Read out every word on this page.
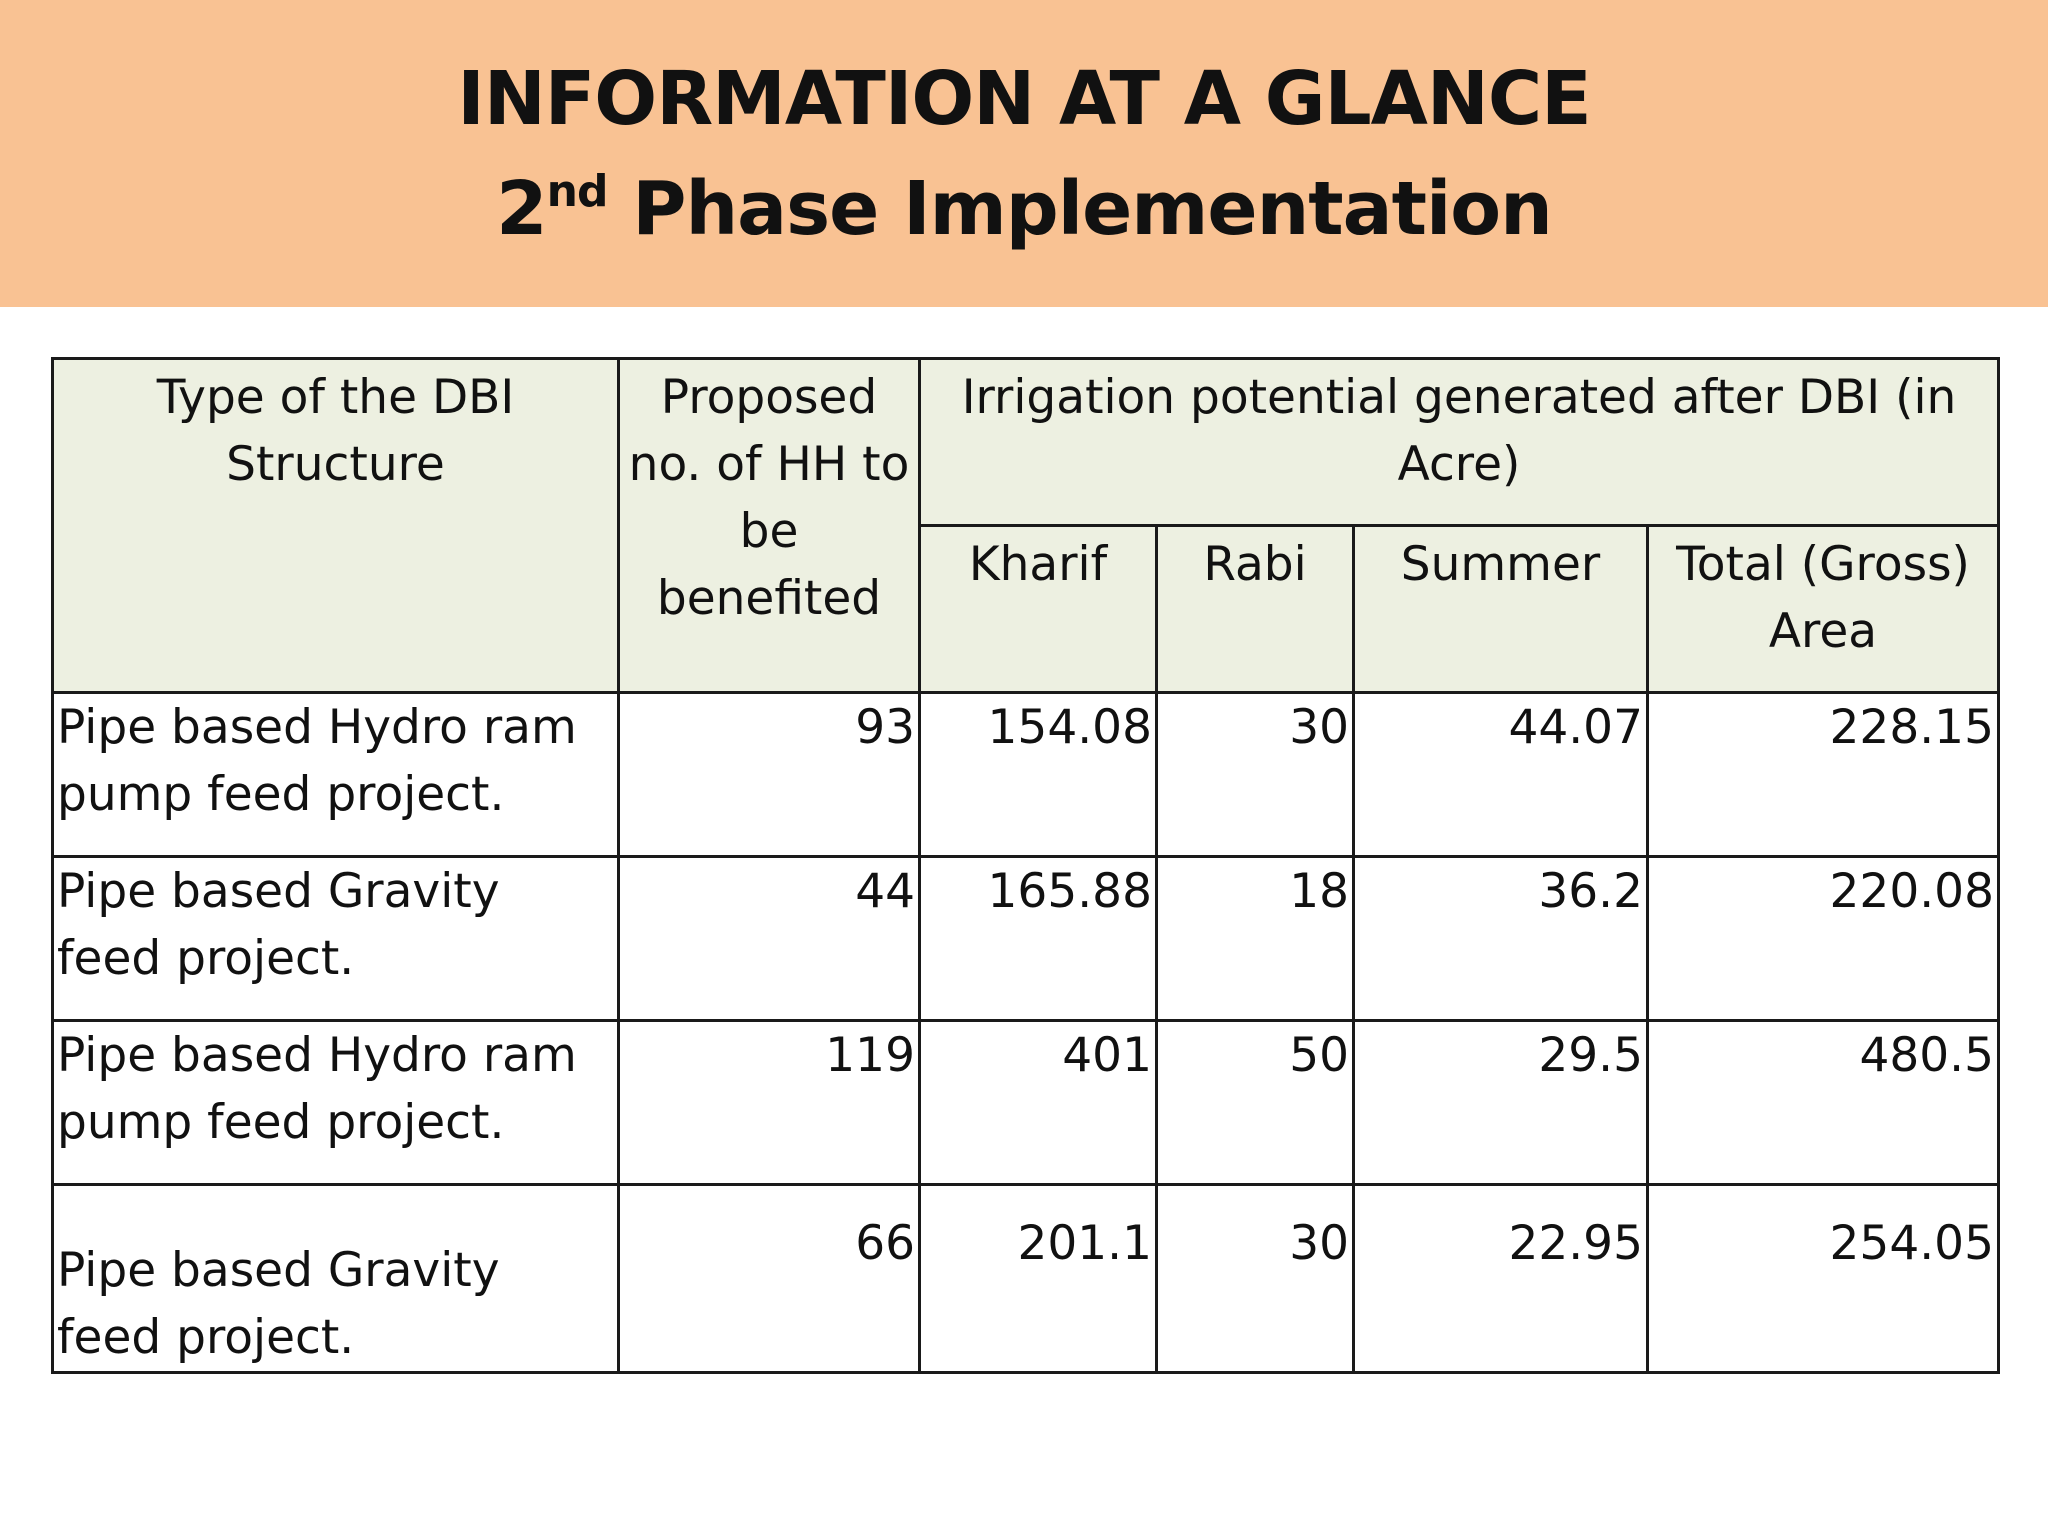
INFORMATION AT A GLANCE
2nd Phase Implementation
Type of the DBI Structure	Proposed no. of HH to be benefited	Irrigation potential generated after DBI (in Acre)			
		Kharif	Rabi	Summer	Total (Gross) Area
Pipe based Hydro ram pump feed project.	93	154.08	30	44.07	228.15
Pipe based Gravity feed project.	44	165.88	18	36.2	220.08
Pipe based Hydro ram pump feed project.	119	401	50	29.5	480.5
Pipe based Gravity feed project.	66	201.1	30	22.95	254.05
